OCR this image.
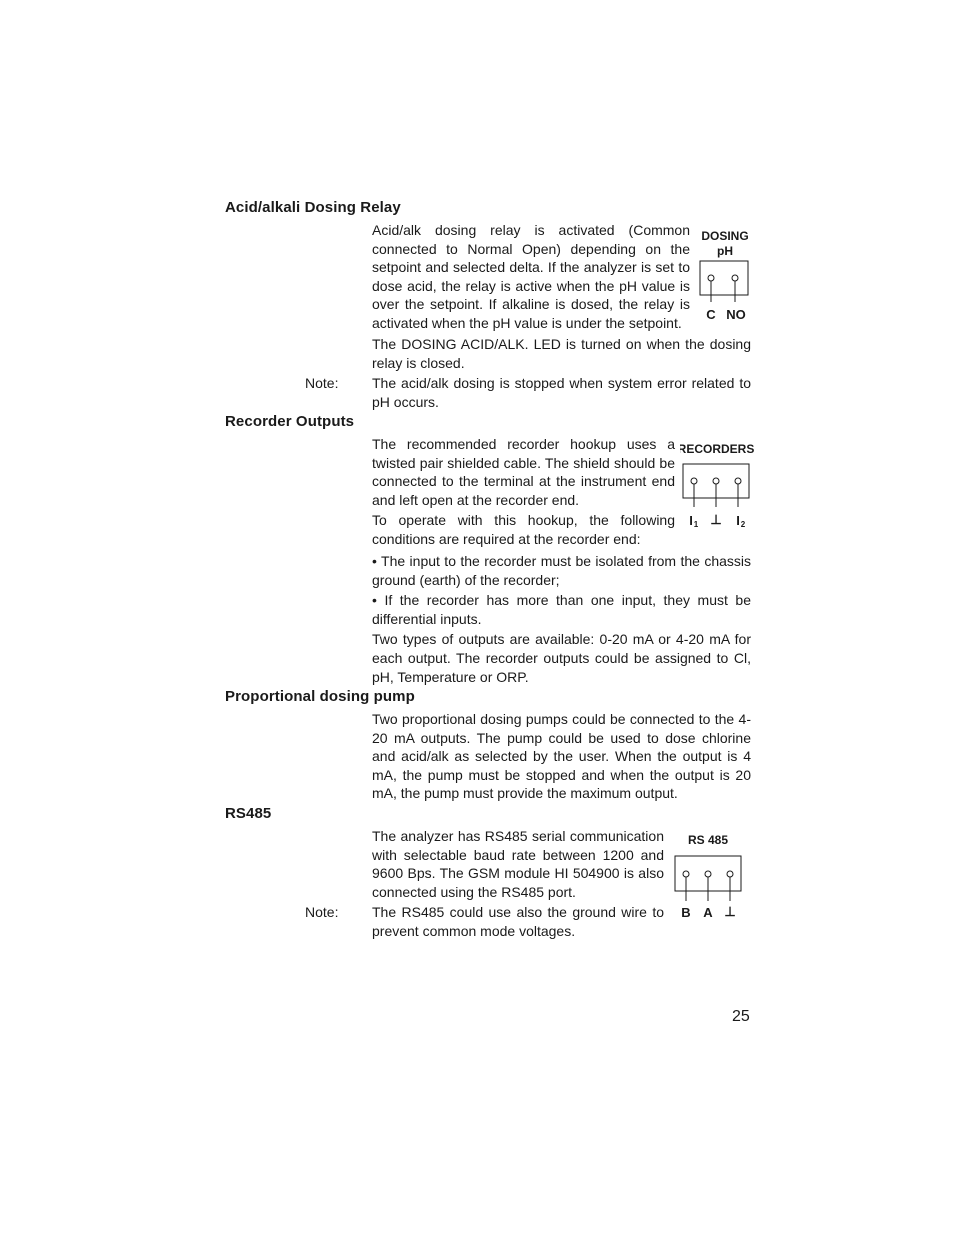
Acid/alkali Dosing Relay

Acid/alk dosing relay is activated (Common connected to Normal Open) depending on the setpoint and selected delta. If the analyzer is set to dose acid, the relay is active when the pH value is over the setpoint. If alkaline is dosed, the relay is activated when the pH value is under the setpoint.

The DOSING ACID/ALK. LED is turned on when the dosing relay is closed.

Note: The acid/alk dosing is stopped when system error related to pH occurs.

DOSING
pH
C NO
Recorder Outputs

The recommended recorder hookup uses a twisted pair shielded cable. The shield should be connected to the terminal at the instrument end and left open at the recorder end.

To operate with this hookup, the following conditions are required at the recorder end:

• The input to the recorder must be isolated from the chassis ground (earth) of the recorder;

• If the recorder has more than one input, they must be differential inputs.

Two types of outputs are available: 0-20 mA or 4-20 mA for each output. The recorder outputs could be assigned to Cl, pH, Temperature or ORP.

RECORDERS
I 1 ⊥ I 2
Proportional dosing pump

Two proportional dosing pumps could be connected to the 4-20 mA outputs. The pump could be used to dose chlorine and acid/alk as selected by the user. When the output is 4 mA, the pump must be stopped and when the output is 20 mA, the pump must provide the maximum output.

RS485

The analyzer has RS485 serial communication with selectable baud rate between 1200 and 9600 Bps. The GSM module HI 504900 is also connected using the RS485 port.

Note: The RS485 could use also the ground wire to prevent common mode voltages.

RS 485
B A ⊥
25
